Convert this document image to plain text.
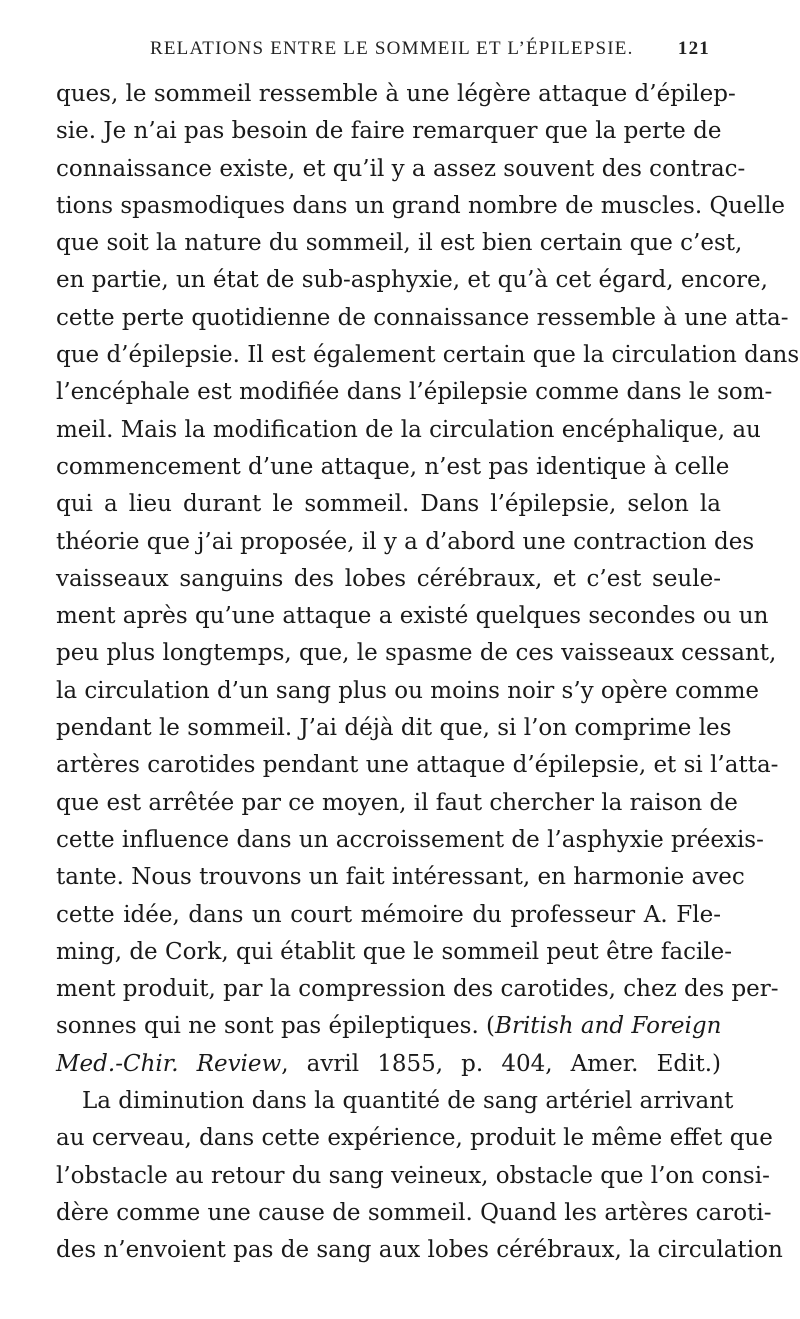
RELATIONS ENTRE LE SOMMEIL ET L’ÉPILEPSIE. 121
ques, le sommeil ressemble à une légère attaque d’épilep-
sie. Je n’ai pas besoin de faire remarquer que la perte de
connaissance existe, et qu’il y a assez souvent des contrac-
tions spasmodiques dans un grand nombre de muscles. Quelle
que soit la nature du sommeil, il est bien certain que c’est,
en partie, un état de sub-asphyxie, et qu’à cet égard, encore,
cette perte quotidienne de connaissance ressemble à une atta-
que d’épilepsie. Il est également certain que la circulation dans
l’encéphale est modifiée dans l’épilepsie comme dans le som-
meil. Mais la modification de la circulation encéphalique, au
commencement d’une attaque, n’est pas identique à celle
qui a lieu durant le sommeil. Dans l’épilepsie, selon la
théorie que j’ai proposée, il y a d’abord une contraction des
vaisseaux sanguins des lobes cérébraux, et c’est seule-
ment après qu’une attaque a existé quelques secondes ou un
peu plus longtemps, que, le spasme de ces vaisseaux cessant,
la circulation d’un sang plus ou moins noir s’y opère comme
pendant le sommeil. J’ai déjà dit que, si l’on comprime les
artères carotides pendant une attaque d’épilepsie, et si l’atta-
que est arrêtée par ce moyen, il faut chercher la raison de
cette influence dans un accroissement de l’asphyxie préexis-
tante. Nous trouvons un fait intéressant, en harmonie avec
cette idée, dans un court mémoire du professeur A. Fle-
ming, de Cork, qui établit que le sommeil peut être facile-
ment produit, par la compression des carotides, chez des per-
sonnes qui ne sont pas épileptiques. (British and Foreign
Med.-Chir. Review, avril 1855, p. 404, Amer. Edit.)
La diminution dans la quantité de sang artériel arrivant
au cerveau, dans cette expérience, produit le même effet que
l’obstacle au retour du sang veineux, obstacle que l’on consi-
dère comme une cause de sommeil. Quand les artères caroti-
des n’envoient pas de sang aux lobes cérébraux, la circulation
